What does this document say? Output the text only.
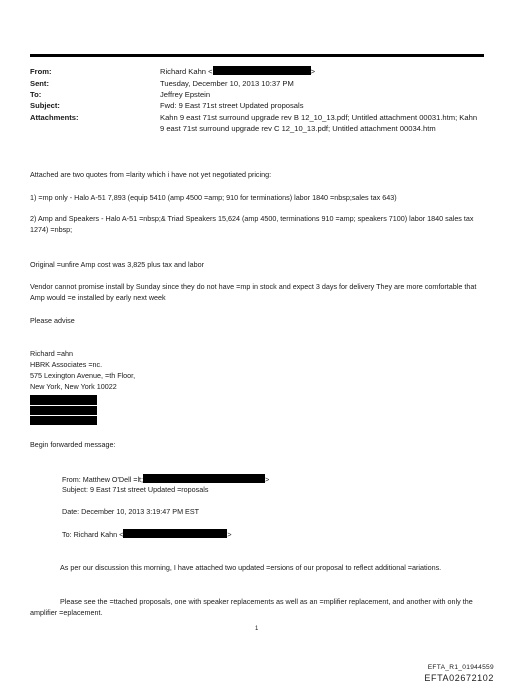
From:	Richard Kahn <	>
Sent:	Tuesday, December 10, 2013 10:37 PM
To:	Jeffrey Epstein
Subject:	Fwd: 9 East 71st street Updated proposals
Attachments:	Kahn 9 east 71st surround upgrade rev B 12_10_13.pdf; Untitled attachment 00031.htm; Kahn 9 east 71st surround upgrade rev C 12_10_13.pdf; Untitled attachment 00034.htm

Attached are two quotes from =larity which i have not yet negotiated pricing:

1) =mp only - Halo A-51 7,893 (equip 5410 (amp 4500 =amp; 910 for terminations) labor 1840 =nbsp;sales tax 643)

2) Amp and Speakers - Halo A-51 =nbsp;& Triad Speakers 15,624 (amp 4500, terminations 910 =amp; speakers 7100) labor 1840 sales tax 1274) =nbsp;

Original =unfire Amp cost was 3,825 plus tax and labor

Vendor cannot promise install by Sunday since they do not have =mp in stock and expect 3 days for delivery They are more comfortable that Amp would =e installed by early next week

Please advise

Richard =ahn

HBRK Associates =nc.

575 Lexington Avenue, =th Floor,

New York, New York 10022

Begin forwarded message:

From: Matthew O'Dell =lt;	>

Subject: 9 East 71st street Updated =roposals

Date: December 10, 2013 3:19:47 PM EST

To: Richard Kahn <	>

As per our discussion this morning, I have attached two updated =ersions of our proposal to reflect additional =ariations.

Please see the =ttached proposals, one with speaker replacements as well as an =mplifier replacement, and another with only the amplifier =eplacement.

1
EFTA_R1_01944559
EFTA02672102
